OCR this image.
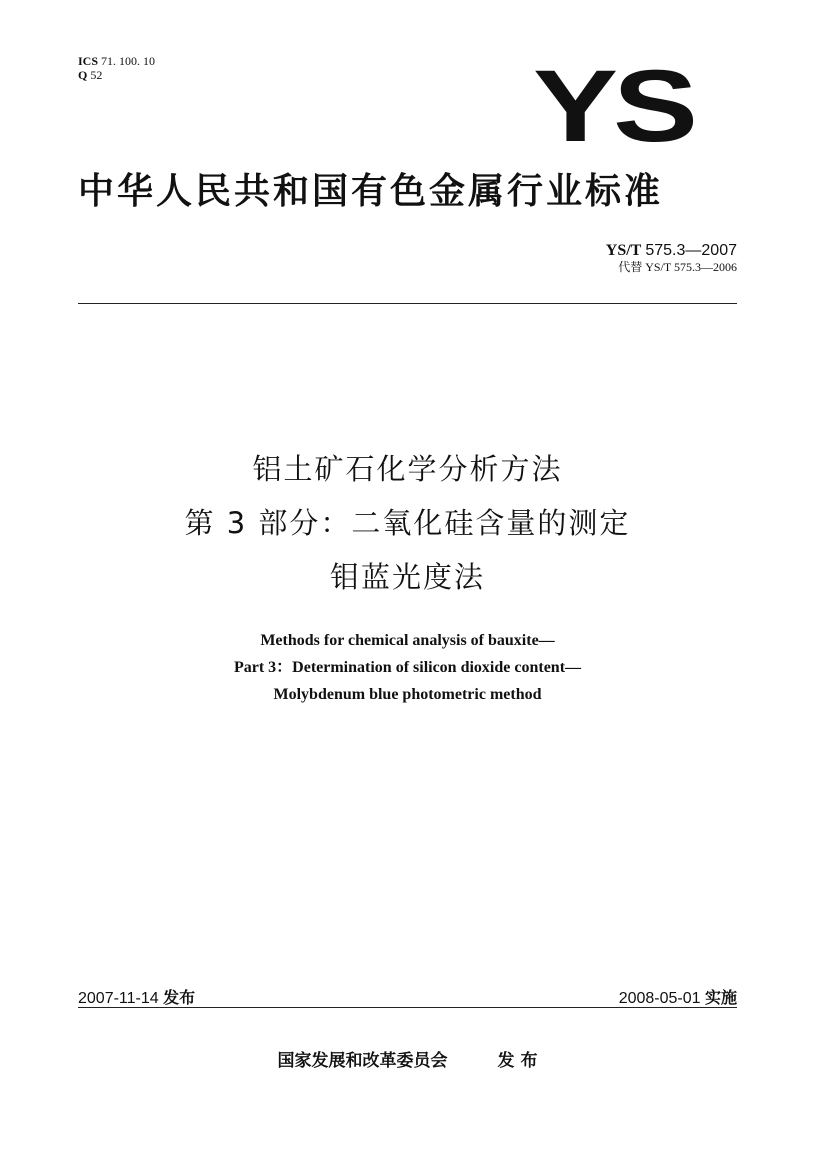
ICS 71. 100. 10
Q 52	YS
中华人民共和国有色金属行业标准
YS/T 575.3—2007
代替 YS/T 575.3—2006
铝土矿石化学分析方法
第 3 部分：二氧化硅含量的测定
钼蓝光度法
Methods for chemical analysis of bauxite—
Part 3：Determination of silicon dioxide content—
Molybdenum blue photometric method
2007-11-14 发布	2008-05-01 实施
国家发展和改革委员会	发 布
